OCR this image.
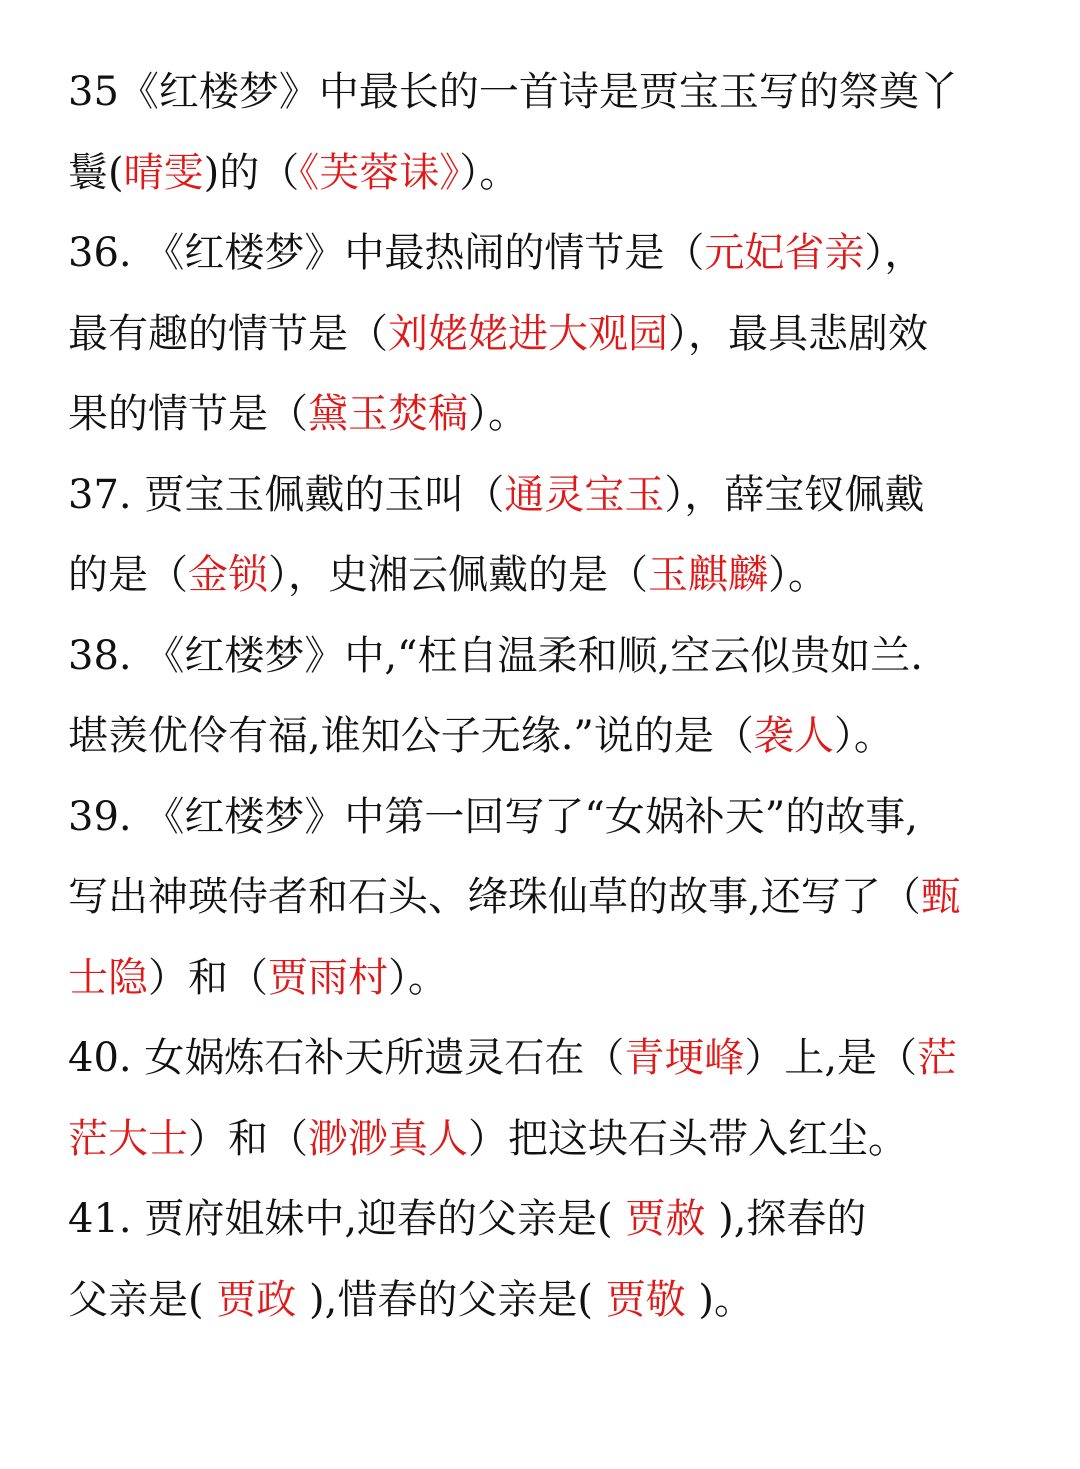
35《红楼梦》中最长的一首诗是贾宝玉写的祭奠丫
鬟(晴雯)的（《芙蓉诔》）。
36. 《红楼梦》中最热闹的情节是（元妃省亲），
最有趣的情节是（刘姥姥进大观园），最具悲剧效
果的情节是（黛玉焚稿）。
37. 贾宝玉佩戴的玉叫（通灵宝玉），薛宝钗佩戴
的是（金锁），史湘云佩戴的是（玉麒麟）。
38. 《红楼梦》中,“枉自温柔和顺,空云似贵如兰.
堪羡优伶有福,谁知公子无缘.”说的是（袭人）。
39. 《红楼梦》中第一回写了“女娲补天”的故事,
写出神瑛侍者和石头、绛珠仙草的故事,还写了（甄
士隐）和（贾雨村）。
40. 女娲炼石补天所遗灵石在（青埂峰）上,是（茫
茫大士）和（渺渺真人）把这块石头带入红尘。
41. 贾府姐妹中,迎春的父亲是( 贾赦 ),探春的
父亲是( 贾政 ),惜春的父亲是( 贾敬 )。
